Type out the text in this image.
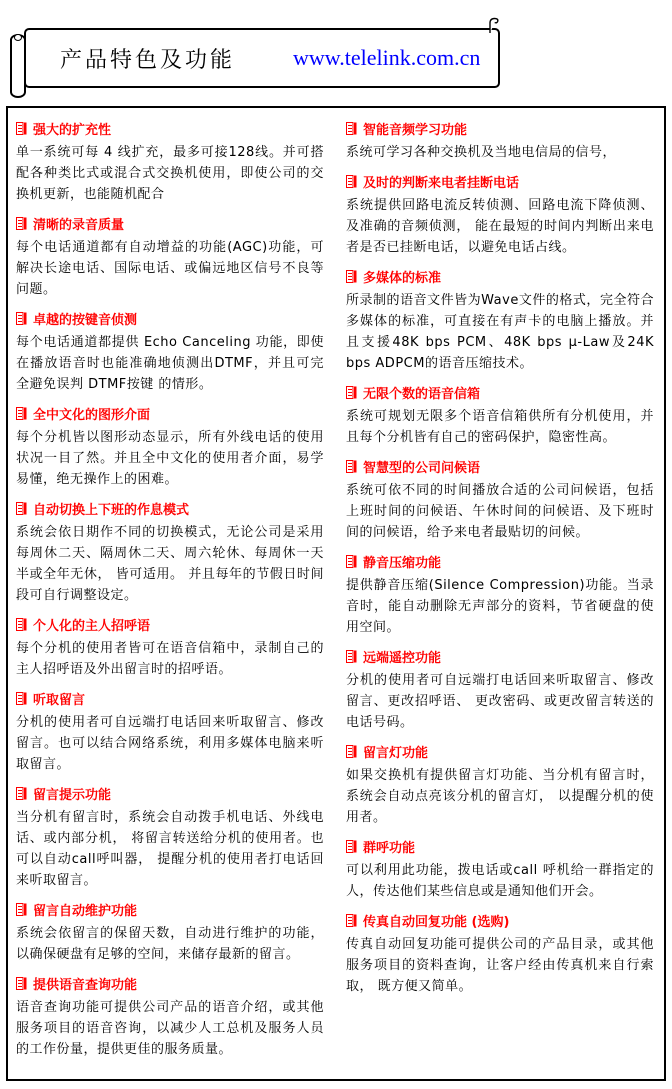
产品特色及功能	www.telelink.com.cn
强大的扩充性

单一系统可每 4 线扩充，最多可接128线。并可搭配各种类比式或混合式交换机使用，即使公司的交换机更新，也能随机配合

清晰的录音质量

每个电话通道都有自动增益的功能(AGC)功能，可解决长途电话、国际电话、或偏远地区信号不良等问题。

卓越的按键音侦测

每个电话通道都提供 Echo Canceling 功能，即使在播放语音时也能准确地侦测出DTMF，并且可完全避免误判 DTMF按键 的情形。

全中文化的图形介面

每个分机皆以图形动态显示，所有外线电话的使用状况一目了然。并且全中文化的使用者介面，易学易懂，绝无操作上的困难。

自动切换上下班的作息模式

系统会依日期作不同的切换模式，无论公司是采用每周休二天、隔周休二天、周六轮休、每周休一天半或全年无休， 皆可适用。 并且每年的节假日时间段可自行调整设定。

个人化的主人招呼语

每个分机的使用者皆可在语音信箱中，录制自己的主人招呼语及外出留言时的招呼语。

听取留言

分机的使用者可自远端打电话回来听取留言、修改留言。也可以结合网络系统，利用多媒体电脑来听取留言。

留言提示功能

当分机有留言时，系统会自动拨手机电话、外线电话、或内部分机， 将留言转送给分机的使用者。也可以自动call呼叫器， 提醒分机的使用者打电话回来听取留言。

留言自动维护功能

系统会依留言的保留天数，自动进行维护的功能，以确保硬盘有足够的空间，来储存最新的留言。

提供语音查询功能

语音查询功能可提供公司产品的语音介绍，或其他服务项目的语音咨询，以减少人工总机及服务人员的工作份量，提供更佳的服务质量。

智能音频学习功能

系统可学习各种交换机及当地电信局的信号，

及时的判断来电者挂断电话

系统提供回路电流反转侦测、回路电流下降侦测、及准确的音频侦测， 能在最短的时间内判断出来电者是否已挂断电话，以避免电话占线。

多媒体的标准

所录制的语音文件皆为Wave文件的格式，完全符合多媒体的标准，可直接在有声卡的电脑上播放。并且支援48K bps PCM、48K bps μ-Law及24K bps ADPCM的语音压缩技术。

无限个数的语音信箱

系统可规划无限多个语音信箱供所有分机使用，并且每个分机皆有自己的密码保护，隐密性高。

智慧型的公司问候语

系统可依不同的时间播放合适的公司问候语，包括上班时间的问候语、午休时间的问候语、及下班时间的问候语，给予来电者最贴切的问候。

静音压缩功能

提供静音压缩(Silence Compression)功能。当录音时，能自动删除无声部分的资料，节省硬盘的使用空间。

远端遥控功能

分机的使用者可自远端打电话回来听取留言、修改留言、更改招呼语、 更改密码、或更改留言转送的电话号码。

留言灯功能

如果交换机有提供留言灯功能、当分机有留言时，系统会自动点亮该分机的留言灯， 以提醒分机的使用者。

群呼功能

可以利用此功能，拨电话或call 呼机给一群指定的人，传达他们某些信息或是通知他们开会。

传真自动回复功能 (选购)

传真自动回复功能可提供公司的产品目录，或其他服务项目的资料查询，让客户经由传真机来自行索取， 既方便又简单。
